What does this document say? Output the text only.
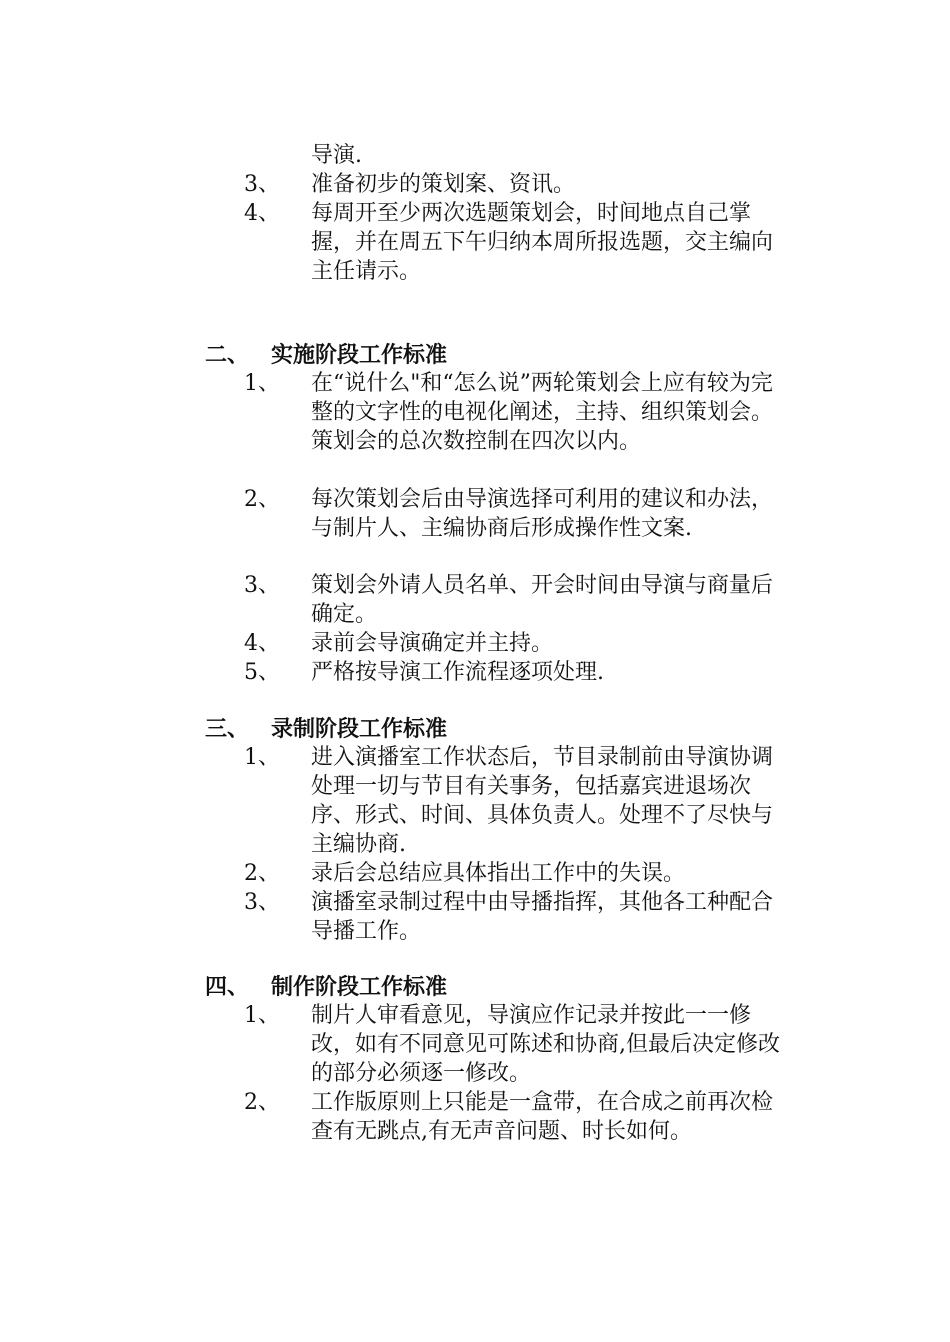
导演.
3、	准备初步的策划案、资讯。
4、	每周开至少两次选题策划会，时间地点自己掌握，并在周五下午归纳本周所报选题，交主编向主任请示。
二、 实施阶段工作标准
1、	在“说什么"和“怎么说”两轮策划会上应有较为完整的文字性的电视化阐述，主持、组织策划会。策划会的总次数控制在四次以内。
2、	每次策划会后由导演选择可利用的建议和办法，与制片人、主编协商后形成操作性文案.
3、	策划会外请人员名单、开会时间由导演与商量后确定。
4、	录前会导演确定并主持。
5、	严格按导演工作流程逐项处理.
三、 录制阶段工作标准
1、	进入演播室工作状态后，节目录制前由导演协调处理一切与节目有关事务，包括嘉宾进退场次序、形式、时间、具体负责人。处理不了尽快与主编协商.
2、	录后会总结应具体指出工作中的失误。
3、	演播室录制过程中由导播指挥，其他各工种配合导播工作。
四、 制作阶段工作标准
1、	制片人审看意见，导演应作记录并按此一一修改，如有不同意见可陈述和协商,但最后决定修改的部分必须逐一修改。
2、	工作版原则上只能是一盒带，在合成之前再次检查有无跳点,有无声音问题、时长如何。
